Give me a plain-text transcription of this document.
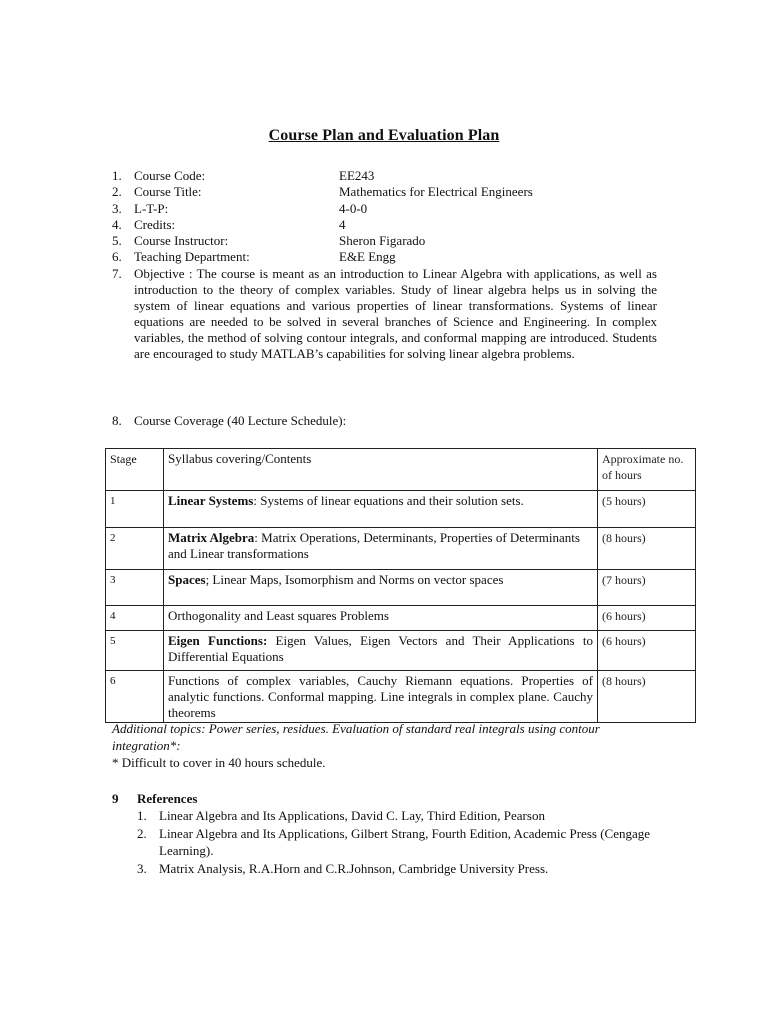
Course Plan and Evaluation Plan
1. Course Code:	EE243
2. Course Title:	Mathematics for Electrical Engineers
3. L-T-P:	4-0-0
4. Credits:	4
5. Course Instructor:	Sheron Figarado
6. Teaching Department:	E&E Engg
7. Objective : The course is meant as an introduction to Linear Algebra with applications, as well as introduction to the theory of complex variables. Study of linear algebra helps us in solving the system of linear equations and various properties of linear transformations. Systems of linear equations are needed to be solved in several branches of Science and Engineering. In complex variables, the method of solving contour integrals, and conformal mapping are introduced. Students are encouraged to study MATLAB’s capabilities for solving linear algebra problems.
8. Course Coverage (40 Lecture Schedule):
Stage	Syllabus covering/Contents	Approximate no. of hours
1	Linear Systems: Systems of linear equations and their solution sets.	(5 hours)
2	Matrix Algebra: Matrix Operations, Determinants, Properties of Determinants and Linear transformations	(8 hours)
3	Spaces; Linear Maps, Isomorphism and Norms on vector spaces	(7 hours)
4	Orthogonality and Least squares Problems	(6 hours)
5	Eigen Functions: Eigen Values, Eigen Vectors and Their Applications to Differential Equations	(6 hours)
6	Functions of complex variables, Cauchy Riemann equations. Properties of analytic functions. Conformal mapping. Line integrals in complex plane. Cauchy theorems	(8 hours)
Additional topics: Power series, residues. Evaluation of standard real integrals using contour integration*:
* Difficult to cover in 40 hours schedule.
9 References
1. Linear Algebra and Its Applications, David C. Lay, Third Edition, Pearson
2. Linear Algebra and Its Applications, Gilbert Strang, Fourth Edition, Academic Press (Cengage Learning).
3. Matrix Analysis, R.A.Horn and C.R.Johnson, Cambridge University Press.
